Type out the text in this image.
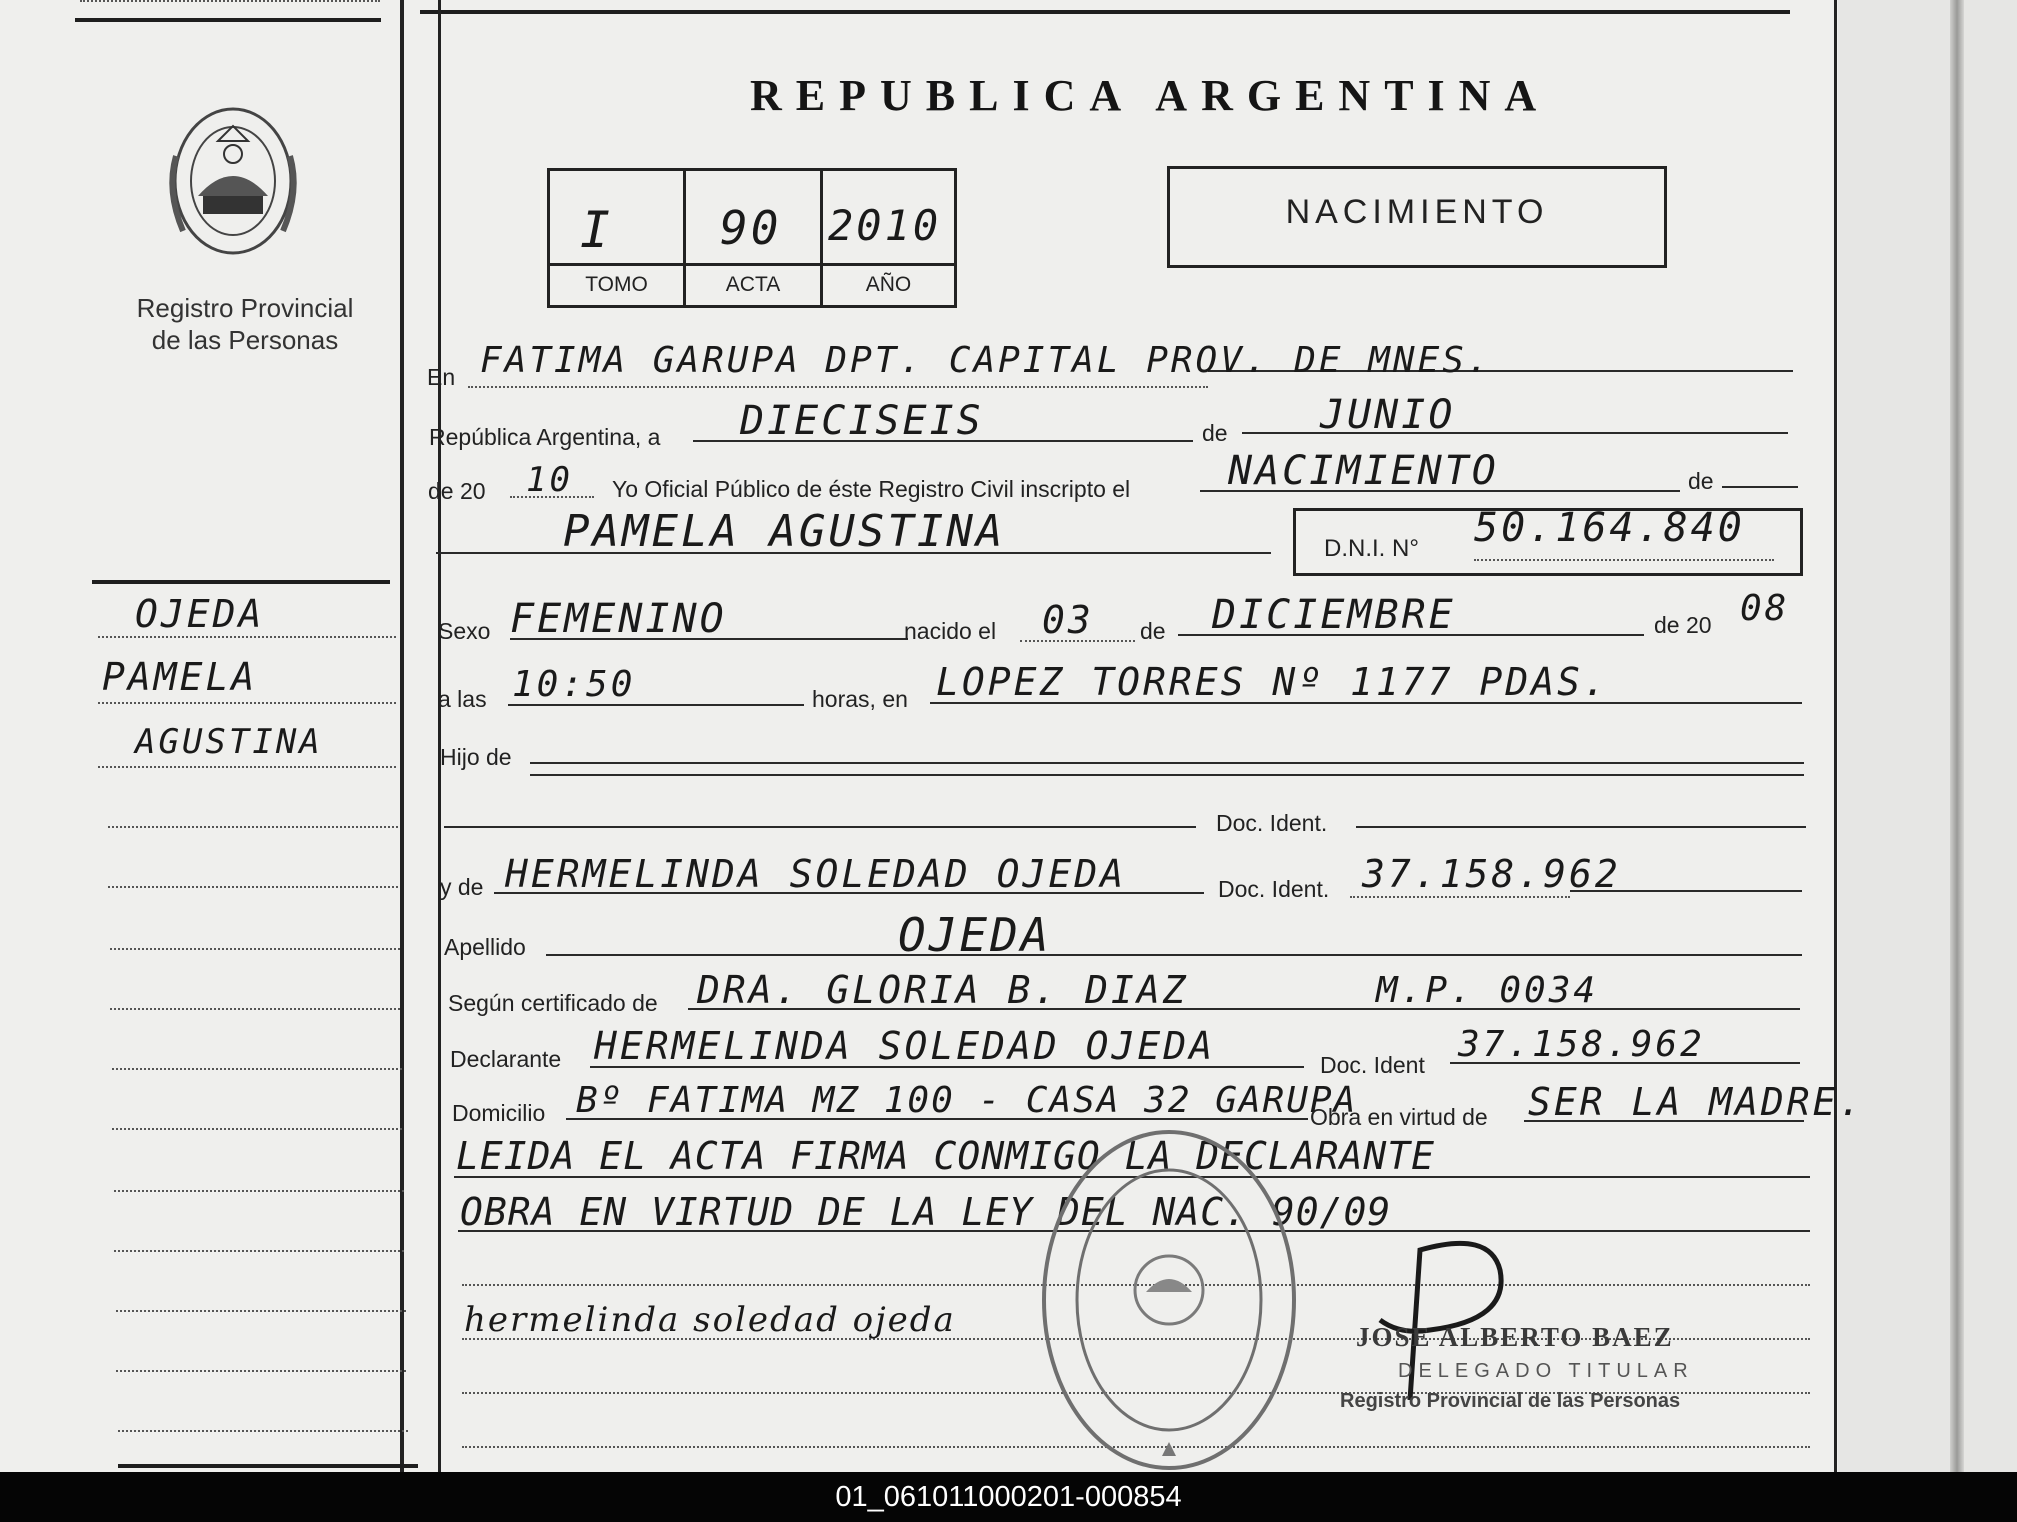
Registro Provincial
de las Personas
OJEDA
PAMELA
AGUSTINA
REPUBLICA ARGENTINA
I 90 2010
TOMO	ACTA	AÑO
NACIMIENTO
En FATIMA GARUPA DPT. CAPITAL PROV. DE MNES.
República Argentina, a DIECISEIS	de JUNIO
de 20 10 Yo Oficial Público de éste Registro Civil inscripto el NACIMIENTO	de
PAMELA AGUSTINA	D.N.I. N° 50.164.840
Sexo FEMENINO	nacido el 03 de DICIEMBRE	de 20 08
a las 10:50	horas, en LOPEZ TORRES Nº 1177 PDAS.
Hijo de
Doc. Ident.
y de HERMELINDA SOLEDAD OJEDA	Doc. Ident. 37.158.962
Apellido	OJEDA
Según certificado de DRA. GLORIA B. DIAZ	M.P. 0034
Declarante HERMELINDA SOLEDAD OJEDA	Doc. Ident 37.158.962
Domicilio Bº FATIMA MZ 100 - CASA 32 GARUPA
Obra en virtud de SER LA MADRE.
LEIDA EL ACTA FIRMA CONMIGO LA DECLARANTE
OBRA EN VIRTUD DE LA LEY DEL NAC. 90/09
hermelinda soledad ojeda	JOSE ALBERTO BAEZ
DELEGADO TITULAR
Registro Provincial de las Personas
01_061011000201-000854
